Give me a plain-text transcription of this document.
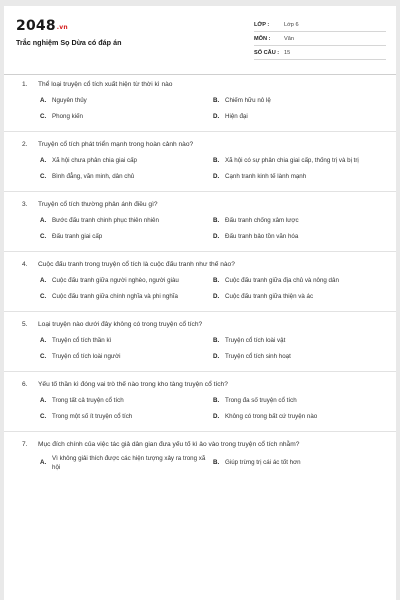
2048.vn
Trắc nghiệm Sọ Dừa có đáp án
LỚP :	Lớp 6
MÔN :	Văn
SỐ CÂU : 15
1.	Thể loại truyện cổ tích xuất hiện từ thời kì nào
A. Nguyên thủy	B. Chiếm hữu nô lệ
C. Phong kiến	D. Hiện đại
2.	Truyện cổ tích phát triển mạnh trong hoàn cảnh nào?
A. Xã hội chưa phân chia giai cấp	B. Xã hội có sự phân chia giai cấp, thống trị và bị trị
C. Bình đẳng, văn minh, dân chủ	D. Cạnh tranh kinh tế lành mạnh
3.	Truyện cổ tích thường phản ánh điều gì?
A. Bước đấu tranh chinh phục thiên nhiên	B. Đấu tranh chống xâm lược
C. Đấu tranh giai cấp	D. Đấu tranh bảo tồn văn hóa
4.	Cuộc đấu tranh trong truyện cổ tích là cuộc đấu tranh như thế nào?
A. Cuộc đấu tranh giữa người nghèo, người giàu	B. Cuộc đấu tranh giữa địa chủ và nông dân
C. Cuộc đấu tranh giữa chính nghĩa và phi nghĩa	D. Cuộc đấu tranh giữa thiện và ác
5.	Loại truyện nào dưới đây không có trong truyện cổ tích?
A. Truyện cổ tích thần kì	B. Truyện cổ tích loài vật
C. Truyện cổ tích loài người	D. Truyện cổ tích sinh hoạt
6.	Yếu tố thần kì đóng vai trò thế nào trong kho tàng truyện cổ tích?
A. Trong tất cả truyện cổ tích	B. Trong đa số truyện cổ tích
C. Trong một số ít truyện cổ tích	D. Không có trong bất cứ truyện nào
7.	Mục đích chính của việc tác giả dân gian đưa yếu tố kì ảo vào trong truyện cổ tích nhằm?
A.
Vì không giải thích được các hiện tượng xảy ra trong xã hội
B. Giúp trừng trị cái ác tốt hơn
